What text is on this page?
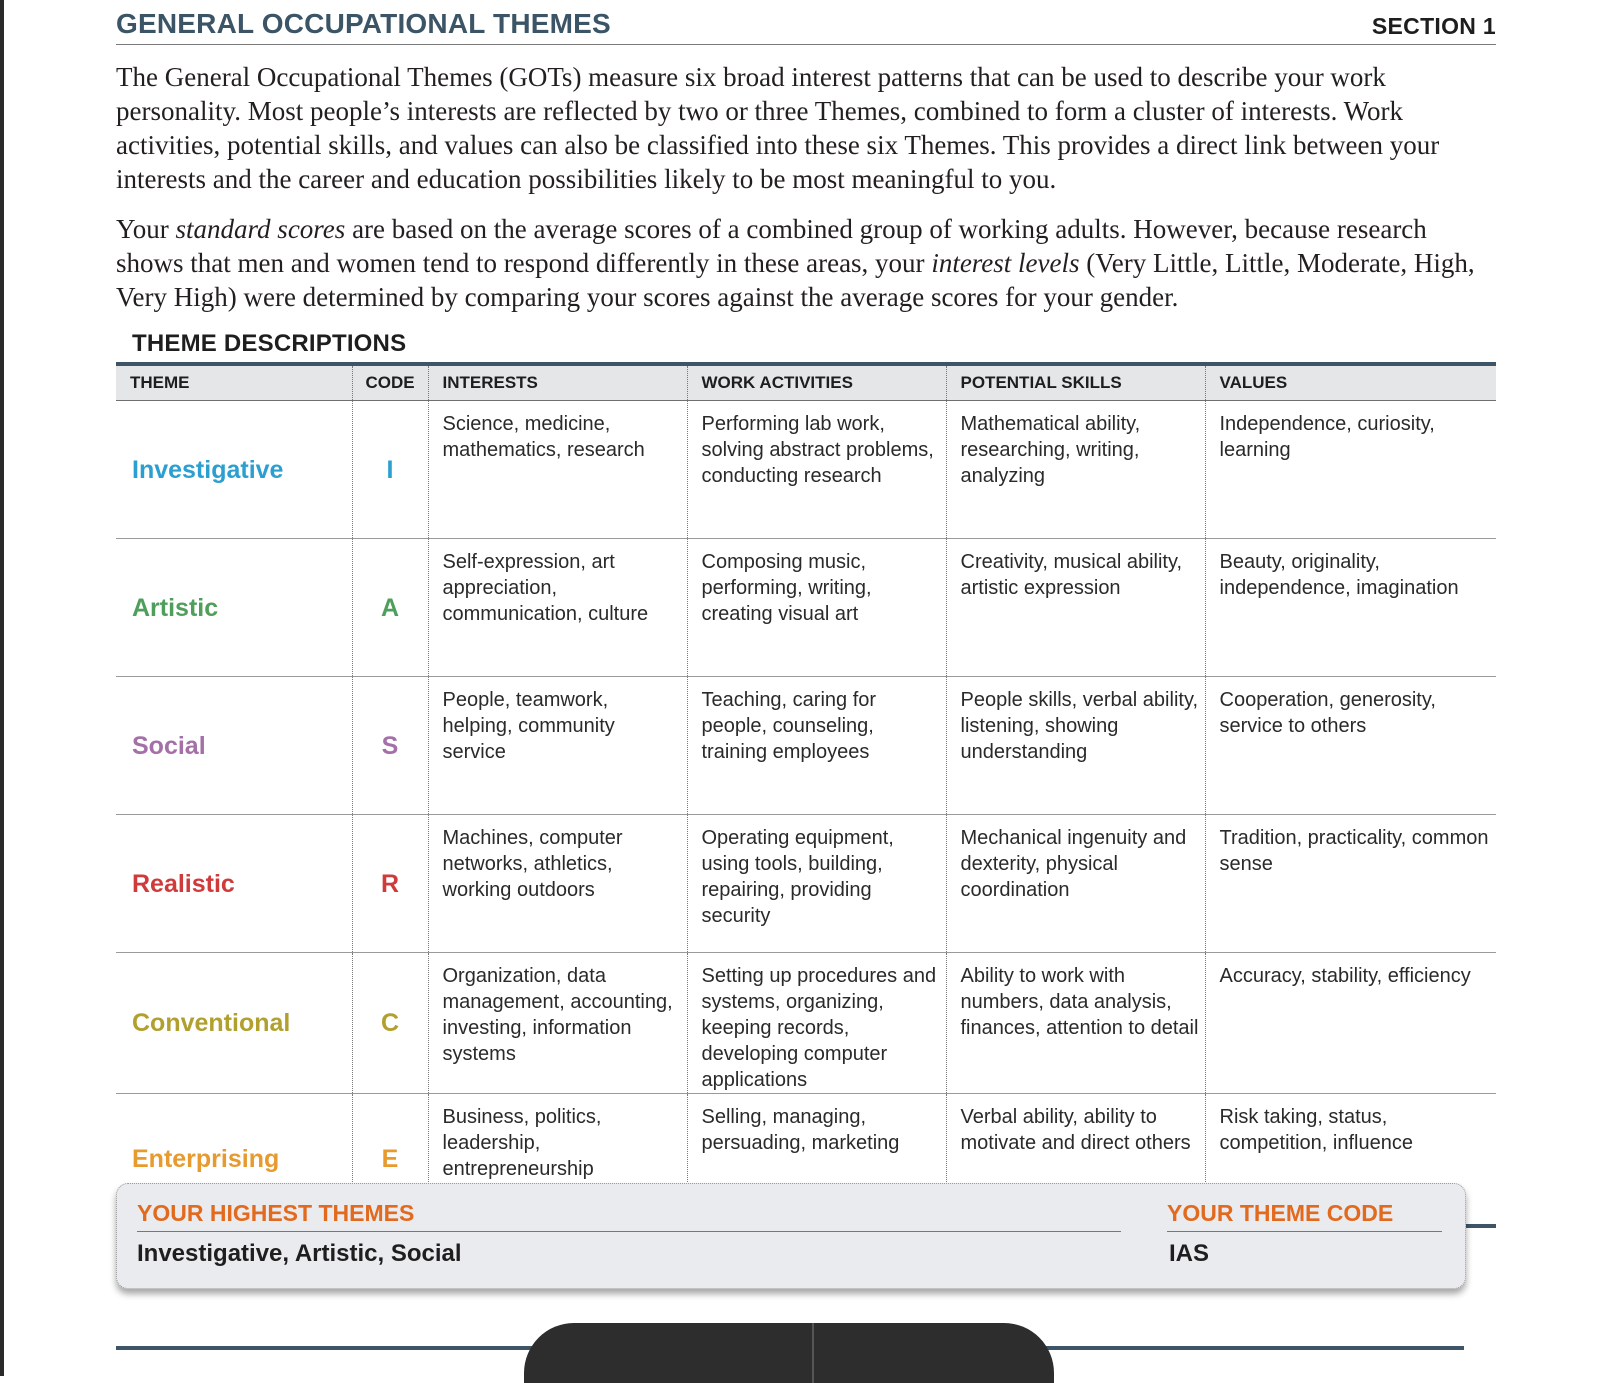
GENERAL OCCUPATIONAL THEMES	SECTION 1

The General Occupational Themes (GOTs) measure six broad interest patterns that can be used to describe your work personality. Most people’s interests are reflected by two or three Themes, combined to form a cluster of interests. Work activities, potential skills, and values can also be classified into these six Themes. This provides a direct link between your interests and the career and education possibilities likely to be most meaningful to you.

Your standard scores are based on the average scores of a combined group of working adults. However, because research shows that men and women tend to respond differently in these areas, your interest levels (Very Little, Little, Moderate, High, Very High) were determined by comparing your scores against the average scores for your gender.

THEME DESCRIPTIONS
THEME	CODE	INTERESTS	WORK ACTIVITIES	POTENTIAL SKILLS	VALUES
Investigative	I	Science, medicine, mathematics, research	Performing lab work, solving abstract problems, conducting research	Mathematical ability, researching, writing, analyzing	Independence, curiosity, learning
Artistic	A	Self-expression, art appreciation, communication, culture	Composing music, performing, writing, creating visual art	Creativity, musical ability, artistic expression	Beauty, originality, independence, imagination
Social	S	People, teamwork, helping, community service	Teaching, caring for people, counseling, training employees	People skills, verbal ability, listening, showing understanding	Cooperation, generosity, service to others
Realistic	R	Machines, computer networks, athletics, working outdoors	Operating equipment, using tools, building, repairing, providing security	Mechanical ingenuity and dexterity, physical coordination	Tradition, practicality, common sense
Conventional	C	Organization, data management, accounting, investing, information systems	Setting up procedures and systems, organizing, keeping records, developing computer applications	Ability to work with numbers, data analysis, finances, attention to detail	Accuracy, stability, efficiency
Enterprising	E	Business, politics, leadership, entrepreneurship	Selling, managing, persuading, marketing	Verbal ability, ability to motivate and direct others	Risk taking, status, competition, influence
YOUR HIGHEST THEMES
Investigative, Artistic, Social
YOUR THEME CODE
IAS
